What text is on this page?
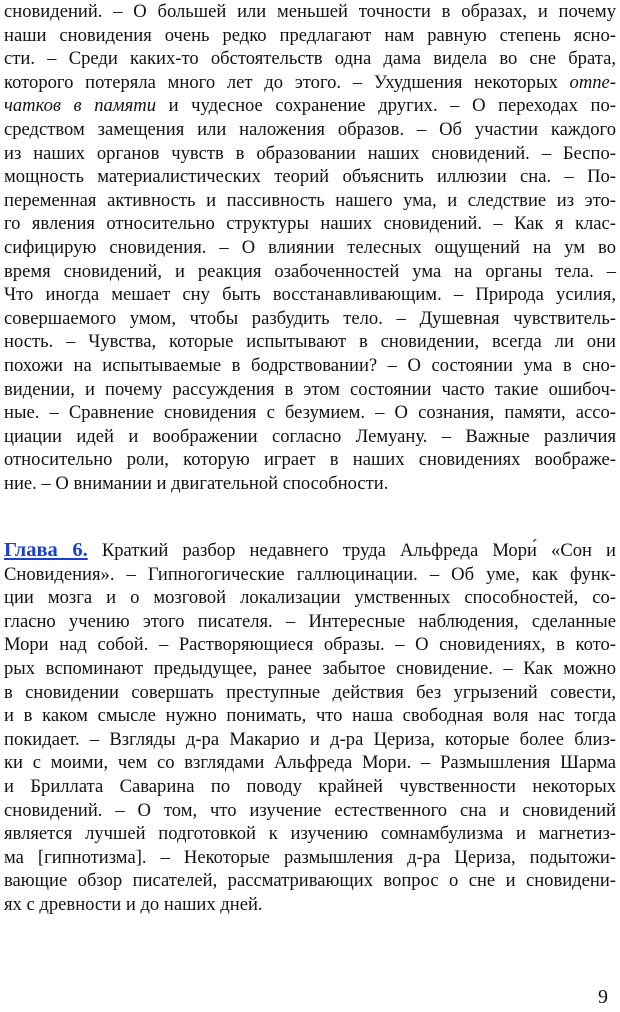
сновидений. – О большей или меньшей точности в образах, и почему
наши сновидения очень редко предлагают нам равную степень ясно-
сти. – Среди каких-то обстоятельств одна дама видела во сне брата,
которого потеряла много лет до этого. – Ухудшения некоторых отпе-
чатков в памяти и чудесное сохранение других. – О переходах по-
средством замещения или наложения образов. – Об участии каждого
из наших органов чувств в образовании наших сновидений. – Беспо-
мощность материалистических теорий объяснить иллюзии сна. – По-
переменная активность и пассивность нашего ума, и следствие из это-
го явления относительно структуры наших сновидений. – Как я клас-
сифицирую сновидения. – О влиянии телесных ощущений на ум во
время сновидений, и реакция озабоченностей ума на органы тела. –
Что иногда мешает сну быть восстанавливающим. – Природа усилия,
совершаемого умом, чтобы разбудить тело. – Душевная чувствитель-
ность. – Чувства, которые испытывают в сновидении, всегда ли они
похожи на испытываемые в бодрствовании? – О состоянии ума в сно-
видении, и почему рассуждения в этом состоянии часто такие ошибоч-
ные. – Сравнение сновидения с безумием. – О сознания, памяти, ассо-
циации идей и воображении согласно Лемуану. – Важные различия
относительно роли, которую играет в наших сновидениях воображе-
ние. – О внимании и двигательной способности.
Глава 6. Краткий разбор недавнего труда Альфреда Мори́ «Сон и
Сновидения». – Гипногогические галлюцинации. – Об уме, как функ-
ции мозга и о мозговой локализации умственных способностей, со-
гласно учению этого писателя. – Интересные наблюдения, сделанные
Мори над собой. – Растворяющиеся образы. – О сновидениях, в кото-
рых вспоминают предыдущее, ранее забытое сновидение. – Как можно
в сновидении совершать преступные действия без угрызений совести,
и в каком смысле нужно понимать, что наша свободная воля нас тогда
покидает. – Взгляды д-ра Макарио и д-ра Цериза, которые более близ-
ки с моими, чем со взглядами Альфреда Мори. – Размышления Шарма
и Бриллата Саварина по поводу крайней чувственности некоторых
сновидений. – О том, что изучение естественного сна и сновидений
является лучшей подготовкой к изучению сомнамбулизма и магнетиз-
ма [гипнотизма]. – Некоторые размышления д-ра Цериза, подытожи-
вающие обзор писателей, рассматривающих вопрос о сне и сновидени-
ях с древности и до наших дней.
9
